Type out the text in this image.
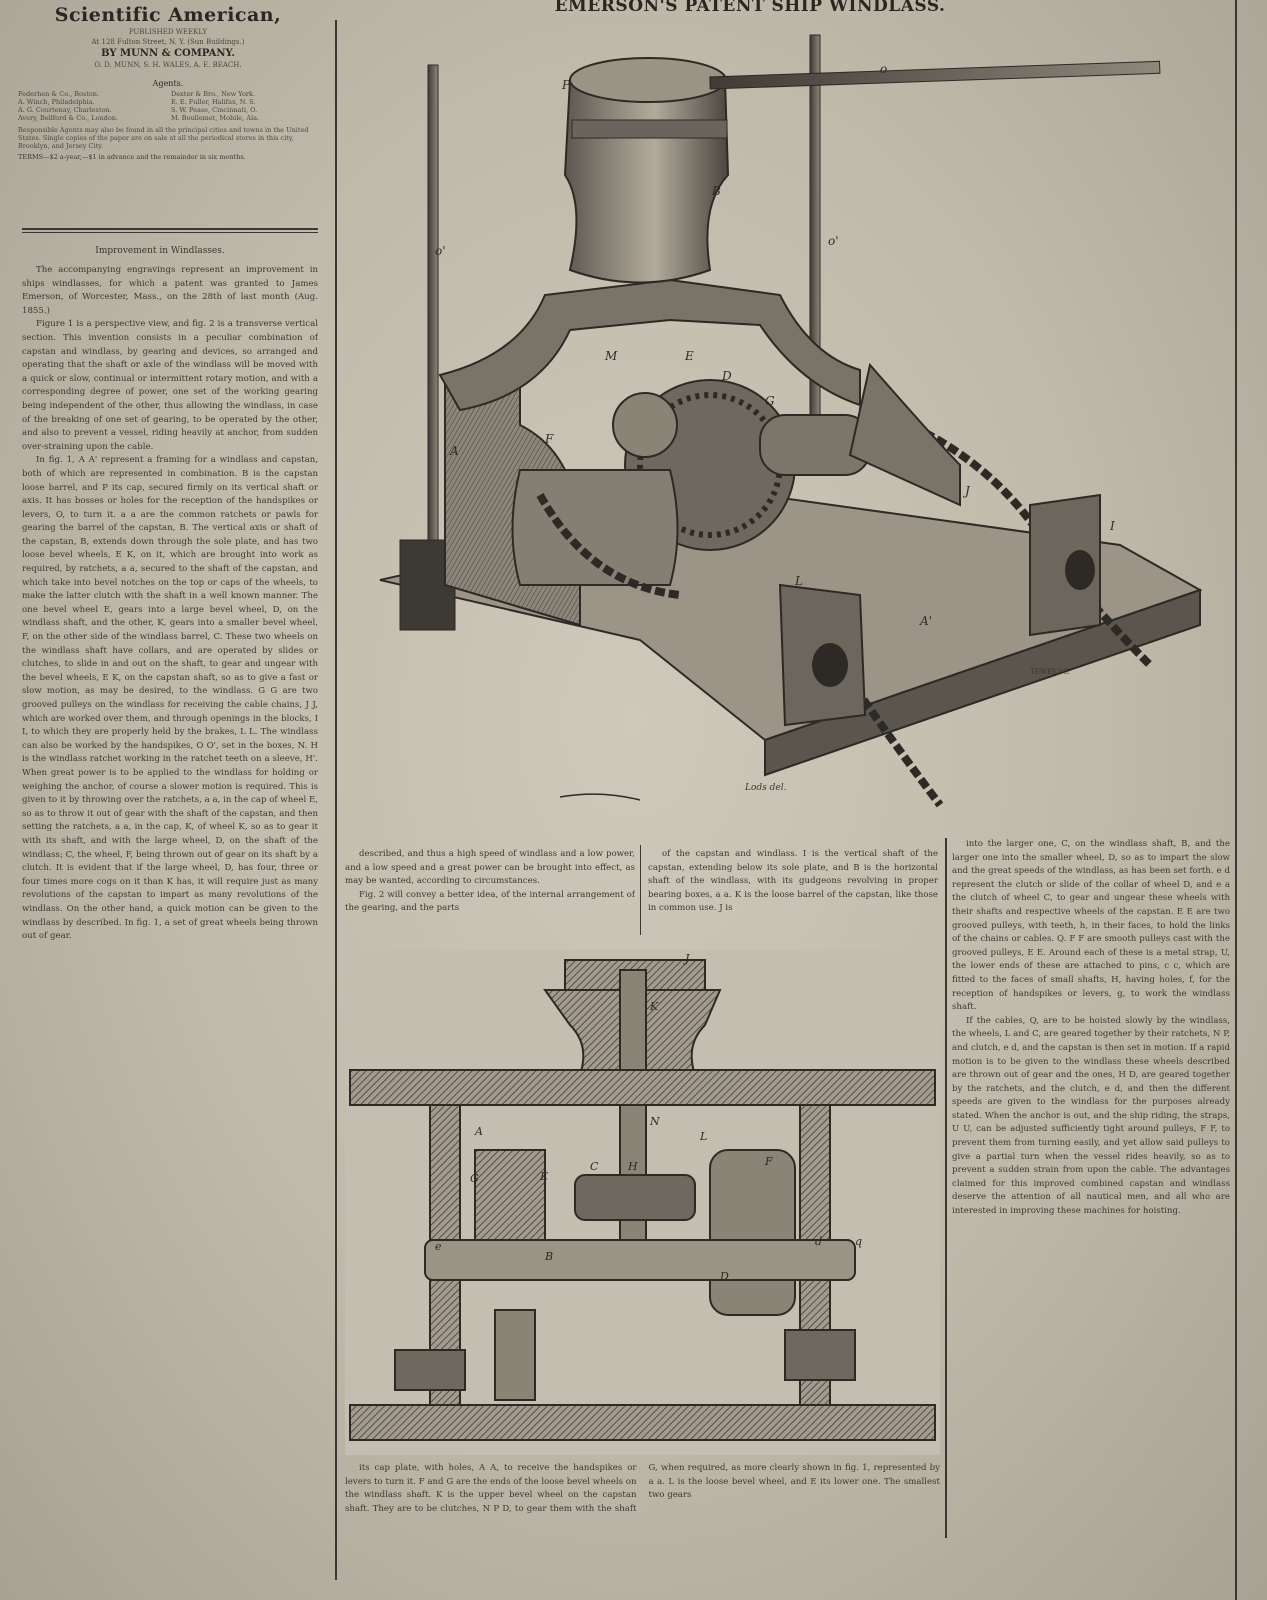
Scientific American,
PUBLISHED WEEKLY
At 128 Fulton Street, N. Y. (Sun Buildings.)
BY MUNN & COMPANY.
O. D. MUNN, S. H. WALES, A. E. BEACH.
Agents.
Federhen & Co., Boston.	Dexter & Bro., New York.
A. Winch, Philadelphia.	E. E. Fuller, Halifax, N. S.
A. G. Courtenay, Charleston.	S. W. Pease, Cincinnati, O.
Avery, Bellford & Co., London.	M. Boullemet, Mobile, Ala.
Responsible Agents may also be found in all the principal cities and towns in the United States. Single copies of the paper are on sale at all the periodical stores in this city, Brooklyn, and Jersey City.
TERMS—$2 a-year,—$1 in advance and the remainder in six months.
EMERSON'S PATENT SHIP WINDLASS.
Improvement in Windlasses.

The accompanying engravings represent an improvement in ships windlasses, for which a patent was granted to James Emerson, of Worcester, Mass., on the 28th of last month (Aug. 1855.)

Figure 1 is a perspective view, and fig. 2 is a transverse vertical section. This invention consists in a peculiar combination of capstan and windlass, by gearing and devices, so arranged and operating that the shaft or axle of the windlass will be moved with a quick or slow, continual or intermittent rotary motion, and with a corresponding degree of power, one set of the working gearing being independent of the other, thus allowing the windlass, in case of the breaking of one set of gearing, to be operated by the other, and also to prevent a vessel, riding heavily at anchor, from sudden over-straining upon the cable.

In fig. 1, A A' represent a framing for a windlass and capstan, both of which are represented in combination. B is the capstan loose barrel, and P its cap, secured firmly on its vertical shaft or axis. It has bosses or holes for the reception of the handspikes or levers, O, to turn it. a a are the common ratchets or pawls for gearing the barrel of the capstan, B. The vertical axis or shaft of the capstan, B, extends down through the sole plate, and has two loose bevel wheels, E K, on it, which are brought into work as required, by ratchets, a a, secured to the shaft of the capstan, and which take into bevel notches on the top or caps of the wheels, to make the latter clutch with the shaft in a well known manner. The one bevel wheel E, gears into a large bevel wheel, D, on the windlass shaft, and the other, K, gears into a smaller bevel wheel, F, on the other side of the windlass barrel, C. These two wheels on the windlass shaft have collars, and are operated by slides or clutches, to slide in and out on the shaft, to gear and ungear with the bevel wheels, E K, on the capstan shaft, so as to give a fast or slow motion, as may be desired, to the windlass. G G are two grooved pulleys on the windlass for receiving the cable chains, J J, which are worked over them, and through openings in the blocks, I I, to which they are properly held by the brakes, L L. The windlass can also be worked by the handspikes, O O', set in the boxes, N. H is the windlass ratchet working in the ratchet teeth on a sleeve, H'. When great power is to be applied to the windlass for holding or weighing the anchor, of course a slower motion is required. This is given to it by throwing over the ratchets, a a, in the cap of wheel E, so as to throw it out of gear with the shaft of the capstan, and then setting the ratchets, a a, in the cap, K, of wheel K, so as to gear it with its shaft, and with the large wheel, D, on the shaft of the windlass; C, the wheel, F, being thrown out of gear on its shaft by a clutch. It is evident that if the large wheel, D, has four, three or four times more cogs on it than K has, it will require just as many revolutions of the capstan to impart as many revolutions of the windlass. On the other hand, a quick motion can be given to the windlass by described. In fig. 1, a set of great wheels being thrown out of gear.

o
P
B
o'
o'
M	E
D
F
G
A
J
I
A'
L
Lods del.
TEWEY.SC.

described, and thus a high speed of windlass and a low power, and a low speed and a great power can be brought into effect, as may be wanted, according to circumstances.

Fig. 2 will convey a better idea, of the internal arrangement of the gearing, and the parts

of the capstan and windlass. I is the vertical shaft of the capstan, extending below its sole plate, and B is the horizontal shaft of the windlass, with its gudgeons revolving in proper bearing boxes, a a. K is the loose barrel of the capstan, like those in common use. J is

into the larger one, C, on the windlass shaft, B, and the larger one into the smaller wheel, D, so as to impart the slow and the great speeds of the windlass, as has been set forth. e d represent the clutch or slide of the collar of wheel D, and e a the clutch of wheel C, to gear and ungear these wheels with their shafts and respective wheels of the capstan. E E are two grooved pulleys, with teeth, h, in their faces, to hold the links of the chains or cables. Q. F F are smooth pulleys cast with the grooved pulleys, E E. Around each of these is a metal strap, U, the lower ends of these are attached to pins, c c, which are fitted to the faces of small shafts, H, having holes, f, for the reception of handspikes or levers, g, to work the windlass shaft.

If the cables, Q, are to be hoisted slowly by the windlass, the wheels, L and C, are geared together by their ratchets, N P, and clutch, e d, and the capstan is then set in motion. If a rapid motion is to be given to the windlass these wheels described are thrown out of gear and the ones, H D, are geared together by the ratchets, and the clutch, e d, and then the different speeds are given to the windlass for the purposes already stated. When the anchor is out, and the ship riding, the straps, U U, can be adjusted sufficiently tight around pulleys, F F, to prevent them from turning easily, and yet allow said pulleys to give a partial turn when the vessel rides heavily, so as to prevent a sudden strain from upon the cable. The advantages claimed for this improved combined capstan and windlass deserve the attention of all nautical men, and all who are interested in improving these machines for hoisting.

J
K
A
G	E
C	H
N
F
L
B
D
q
d
e

its cap plate, with holes, A A, to receive the handspikes or levers to turn it. F and G are the ends of the loose bevel wheels on the windlass shaft. K is the upper bevel wheel on the capstan shaft. They are to be clutches, N P D, to gear them with the shaft G, when required, as more clearly shown in fig. 1, represented by a a. L is the loose bevel wheel, and E its lower one. The smallest two gears
